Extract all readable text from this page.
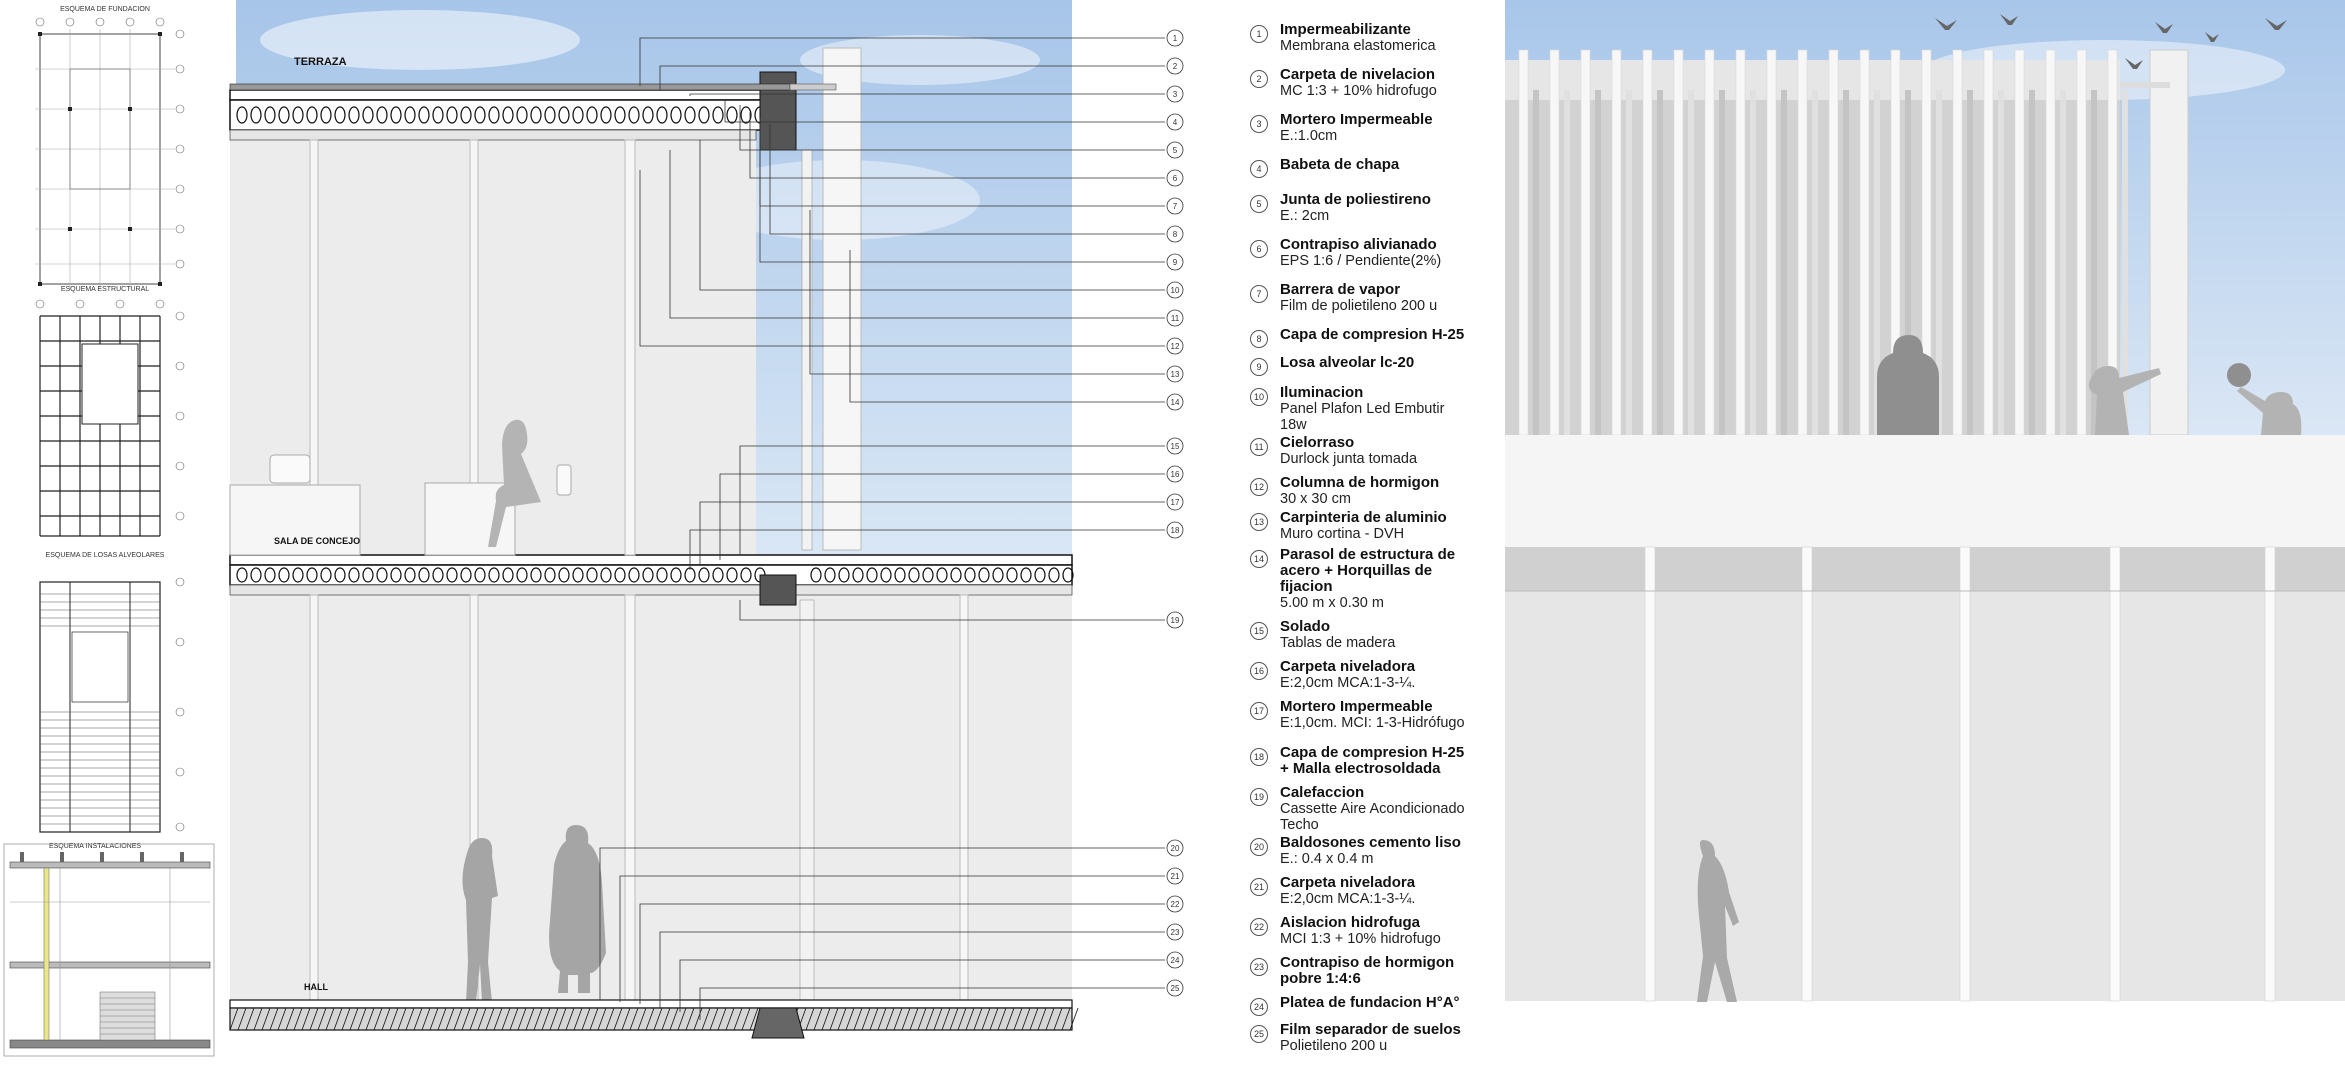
ESQUEMA DE FUNDACION
ESQUEMA ESTRUCTURAL
ESQUEMA DE LOSAS ALVEOLARES
ESQUEMA INSTALACIONES
1
2
3
4
5
6
7
8
9
10
11
12
13
14
15
16
17
18
19
20
21
22
23
24
25
TERRAZA
SALA DE CONCEJO
HALL
1	Impermeabilizante
Membrana elastomerica
2	Carpeta de nivelacion
MC 1:3 + 10% hidrofugo
3	Mortero Impermeable
E.:1.0cm
4	Babeta de chapa
5	Junta de poliestireno
E.: 2cm
6	Contrapiso alivianado
EPS 1:6 / Pendiente(2%)
7	Barrera de vapor
Film de polietileno 200 u
8	Capa de compresion H-25
9	Losa alveolar lc-20
10 Iluminacion
Panel Plafon Led Embutir
18w
11 Cielorraso
Durlock junta tomada
12 Columna de hormigon
30 x 30 cm
13 Carpinteria de aluminio
Muro cortina - DVH
14 Parasol de estructura de
acero + Horquillas de
fijacion
5.00 m x 0.30 m
15 Solado
Tablas de madera
16 Carpeta niveladora
E:2,0cm MCA:1-3-¼.
17 Mortero Impermeable
E:1,0cm. MCI: 1-3-Hidrófugo
18 Capa de compresion H-25
+ Malla electrosoldada
19 Calefaccion
Cassette Aire Acondicionado
Techo
20 Baldosones cemento liso
E.: 0.4 x 0.4 m
21 Carpeta niveladora
E:2,0cm MCA:1-3-¼.
22 Aislacion hidrofuga
MCI 1:3 + 10% hidrofugo
23 Contrapiso de hormigon
pobre 1:4:6
24 Platea de fundacion H°A°
25 Film separador de suelos
Polietileno 200 u
